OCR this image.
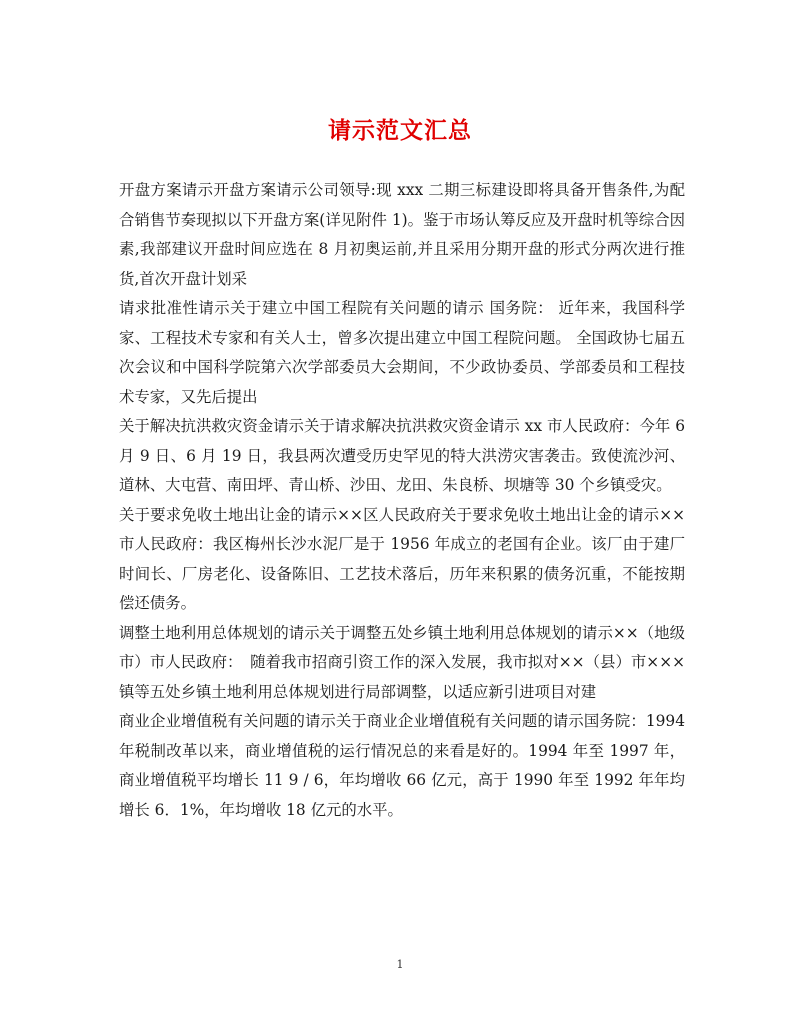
请示范文汇总

开盘方案请示开盘方案请示公司领导:现 xxx 二期三标建设即将具备开售条件,为配合销售节奏现拟以下开盘方案(详见附件 1)。鉴于市场认筹反应及开盘时机等综合因素,我部建议开盘时间应选在 8 月初奥运前,并且采用分期开盘的形式分两次进行推货,首次开盘计划采

请求批准性请示关于建立中国工程院有关问题的请示 国务院： 近年来，我国科学家、工程技术专家和有关人士，曾多次提出建立中国工程院问题。 全国政协七届五次会议和中国科学院第六次学部委员大会期间，不少政协委员、学部委员和工程技术专家，又先后提出

关于解决抗洪救灾资金请示关于请求解决抗洪救灾资金请示 xx 市人民政府：今年 6 月 9 日、6 月 19 日，我县两次遭受历史罕见的特大洪涝灾害袭击。致使流沙河、道林、大屯营、南田坪、青山桥、沙田、龙田、朱良桥、坝塘等 30 个乡镇受灾。

关于要求免收土地出让金的请示××区人民政府关于要求免收土地出让金的请示××市人民政府：我区梅州长沙水泥厂是于 1956 年成立的老国有企业。该厂由于建厂时间长、厂房老化、设备陈旧、工艺技术落后，历年来积累的债务沉重，不能按期偿还债务。

调整土地利用总体规划的请示关于调整五处乡镇土地利用总体规划的请示××（地级市）市人民政府：　随着我市招商引资工作的深入发展，我市拟对××（县）市×××镇等五处乡镇土地利用总体规划进行局部调整，以适应新引进项目对建

商业企业增值税有关问题的请示关于商业企业增值税有关问题的请示国务院：1994 年税制改革以来，商业增值税的运行情况总的来看是好的。1994 年至 1997 年，商业增值税平均增长 11 9 / 6，年均增收 66 亿元，高于 1990 年至 1992 年年均增长 6．1%，年均增收 18 亿元的水平。

1
